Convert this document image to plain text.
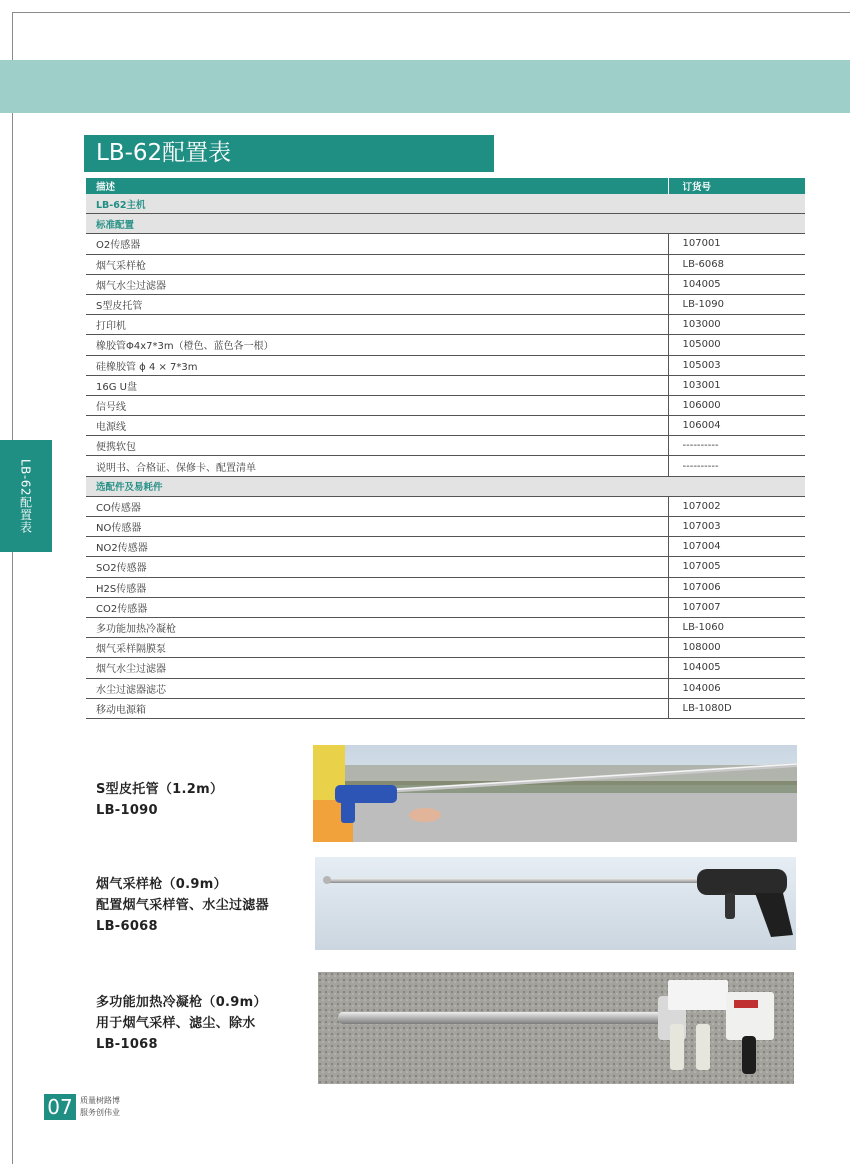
LB-62配置表
LB-62配置表
描述	订货号
LB-62主机	
标准配置	
O2传感器	107001
烟气采样枪	LB-6068
烟气水尘过滤器	104005
S型皮托管	LB-1090
打印机	103000
橡胶管Φ4x7*3m（橙色、蓝色各一根）	105000
硅橡胶管 ϕ 4 × 7*3m	105003
16G U盘	103001
信号线	106000
电源线	106004
便携软包	----------
说明书、合格证、保修卡、配置清单	----------
选配件及易耗件	
CO传感器	107002
NO传感器	107003
NO2传感器	107004
SO2传感器	107005
H2S传感器	107006
CO2传感器	107007
多功能加热冷凝枪	LB-1060
烟气采样隔膜泵	108000
烟气水尘过滤器	104005
水尘过滤器滤芯	104006
移动电源箱	LB-1080D
S型皮托管（1.2m）
LB-1090
烟气采样枪（0.9m）
配置烟气采样管、水尘过滤器
LB-6068
多功能加热冷凝枪（0.9m）
用于烟气采样、滤尘、除水
LB-1068
07 质量树路博
服务创伟业
